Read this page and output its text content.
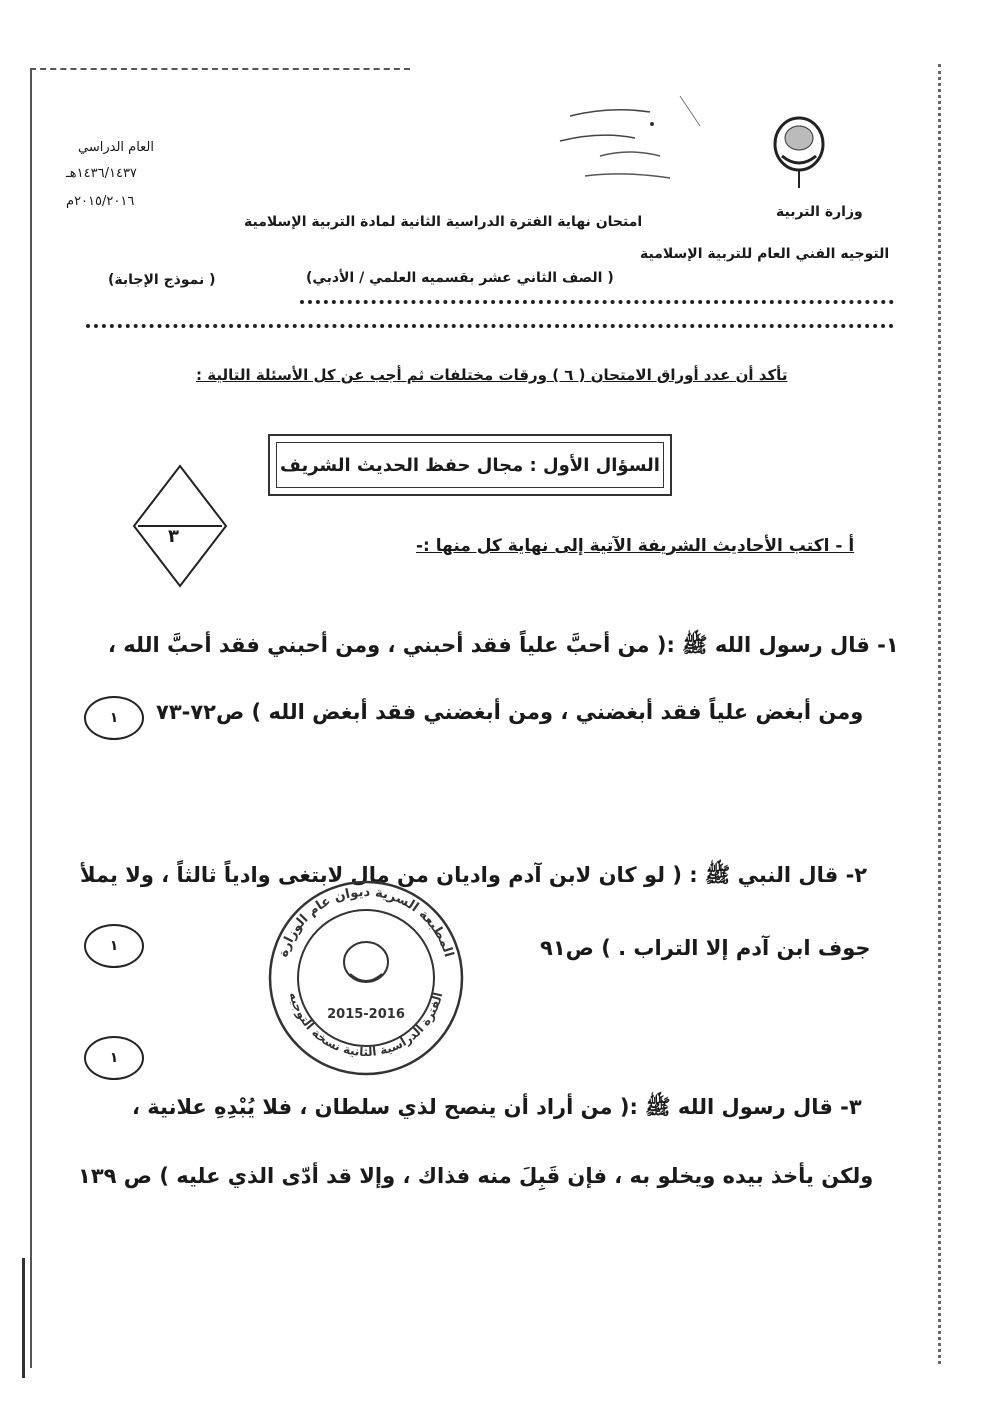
العام الدراسي
١٤٣٦/١٤٣٧هـ
٢٠١٥/٢٠١٦م
وزارة التربية
امتحان نهاية الفترة الدراسية الثانية لمادة التربية الإسلامية
التوجيه الفني العام للتربية الإسلامية
( الصف الثاني عشر بقسميه العلمي / الأدبي)
( نموذج الإجابة)
تأكد أن عدد أوراق الامتحان ( ٦ ) ورقات مختلفات ثم أجب عن كل الأسئلة التالية :
السؤال الأول : مجال حفظ الحديث الشريف
٣	أ - اكتب الأحاديث الشريفة الآتية إلى نهاية كل منها :-
١- قال رسول الله ﷺ :( من أحبَّ علياً فقد أحبني ، ومن أحبني فقد أحبَّ الله ،
ومن أبغض علياً فقد أبغضني ، ومن أبغضني فقد أبغض الله ) ص٧٢-٧٣
١
٢- قال النبي ﷺ : ( لو كان لابن آدم واديان من مال لابتغى وادياً ثالثاً ، ولا يملأ
جوف ابن آدم إلا التراب . ) ص٩١
١	المطبعة السرية ديوان عام الوزارة
الفترة الدراسية الثانية نسخة التوجيه
2015-2016
١
٣- قال رسول الله ﷺ :( من أراد أن ينصح لذي سلطان ، فلا يُبْدِهِ علانية ،
ولكن يأخذ بيده ويخلو به ، فإن قَبِلَ منه فذاك ، وإلا قد أدّى الذي عليه ) ص ١٣٩
